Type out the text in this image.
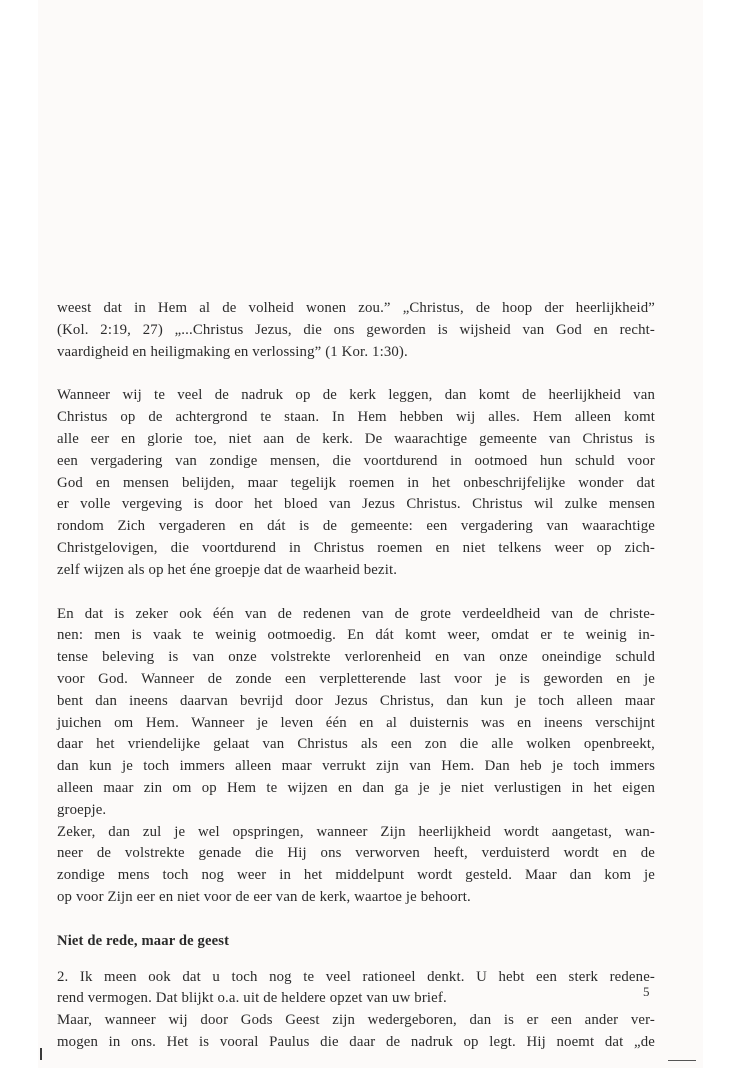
weest dat in Hem al de volheid wonen zou.” „Christus, de hoop der heerlijkheid”
(Kol. 2:19, 27) „...Christus Jezus, die ons geworden is wijsheid van God en recht-
vaardigheid en heiligmaking en verlossing” (1 Kor. 1:30).

Wanneer wij te veel de nadruk op de kerk leggen, dan komt de heerlijkheid van
Christus op de achtergrond te staan. In Hem hebben wij alles. Hem alleen komt
alle eer en glorie toe, niet aan de kerk. De waarachtige gemeente van Christus is
een vergadering van zondige mensen, die voortdurend in ootmoed hun schuld voor
God en mensen belijden, maar tegelijk roemen in het onbeschrijfelijke wonder dat
er volle vergeving is door het bloed van Jezus Christus. Christus wil zulke mensen
rondom Zich vergaderen en dát is de gemeente: een vergadering van waarachtige
Christgelovigen, die voortdurend in Christus roemen en niet telkens weer op zich-
zelf wijzen als op het éne groepje dat de waarheid bezit.

En dat is zeker ook één van de redenen van de grote verdeeldheid van de christe-
nen: men is vaak te weinig ootmoedig. En dát komt weer, omdat er te weinig in-
tense beleving is van onze volstrekte verlorenheid en van onze oneindige schuld
voor God. Wanneer de zonde een verpletterende last voor je is geworden en je
bent dan ineens daarvan bevrijd door Jezus Christus, dan kun je toch alleen maar
juichen om Hem. Wanneer je leven één en al duisternis was en ineens verschijnt
daar het vriendelijke gelaat van Christus als een zon die alle wolken openbreekt,
dan kun je toch immers alleen maar verrukt zijn van Hem. Dan heb je toch immers
alleen maar zin om op Hem te wijzen en dan ga je je niet verlustigen in het eigen
groepje.

Zeker, dan zul je wel opspringen, wanneer Zijn heerlijkheid wordt aangetast, wan-
neer de volstrekte genade die Hij ons verworven heeft, verduisterd wordt en de
zondige mens toch nog weer in het middelpunt wordt gesteld. Maar dan kom je
op voor Zijn eer en niet voor de eer van de kerk, waartoe je behoort.

Niet de rede, maar de geest

2. Ik meen ook dat u toch nog te veel rationeel denkt. U hebt een sterk redene-
rend vermogen. Dat blijkt o.a. uit de heldere opzet van uw brief.

Maar, wanneer wij door Gods Geest zijn wedergeboren, dan is er een ander ver-
mogen in ons. Het is vooral Paulus die daar de nadruk op legt. Hij noemt dat „de

5
